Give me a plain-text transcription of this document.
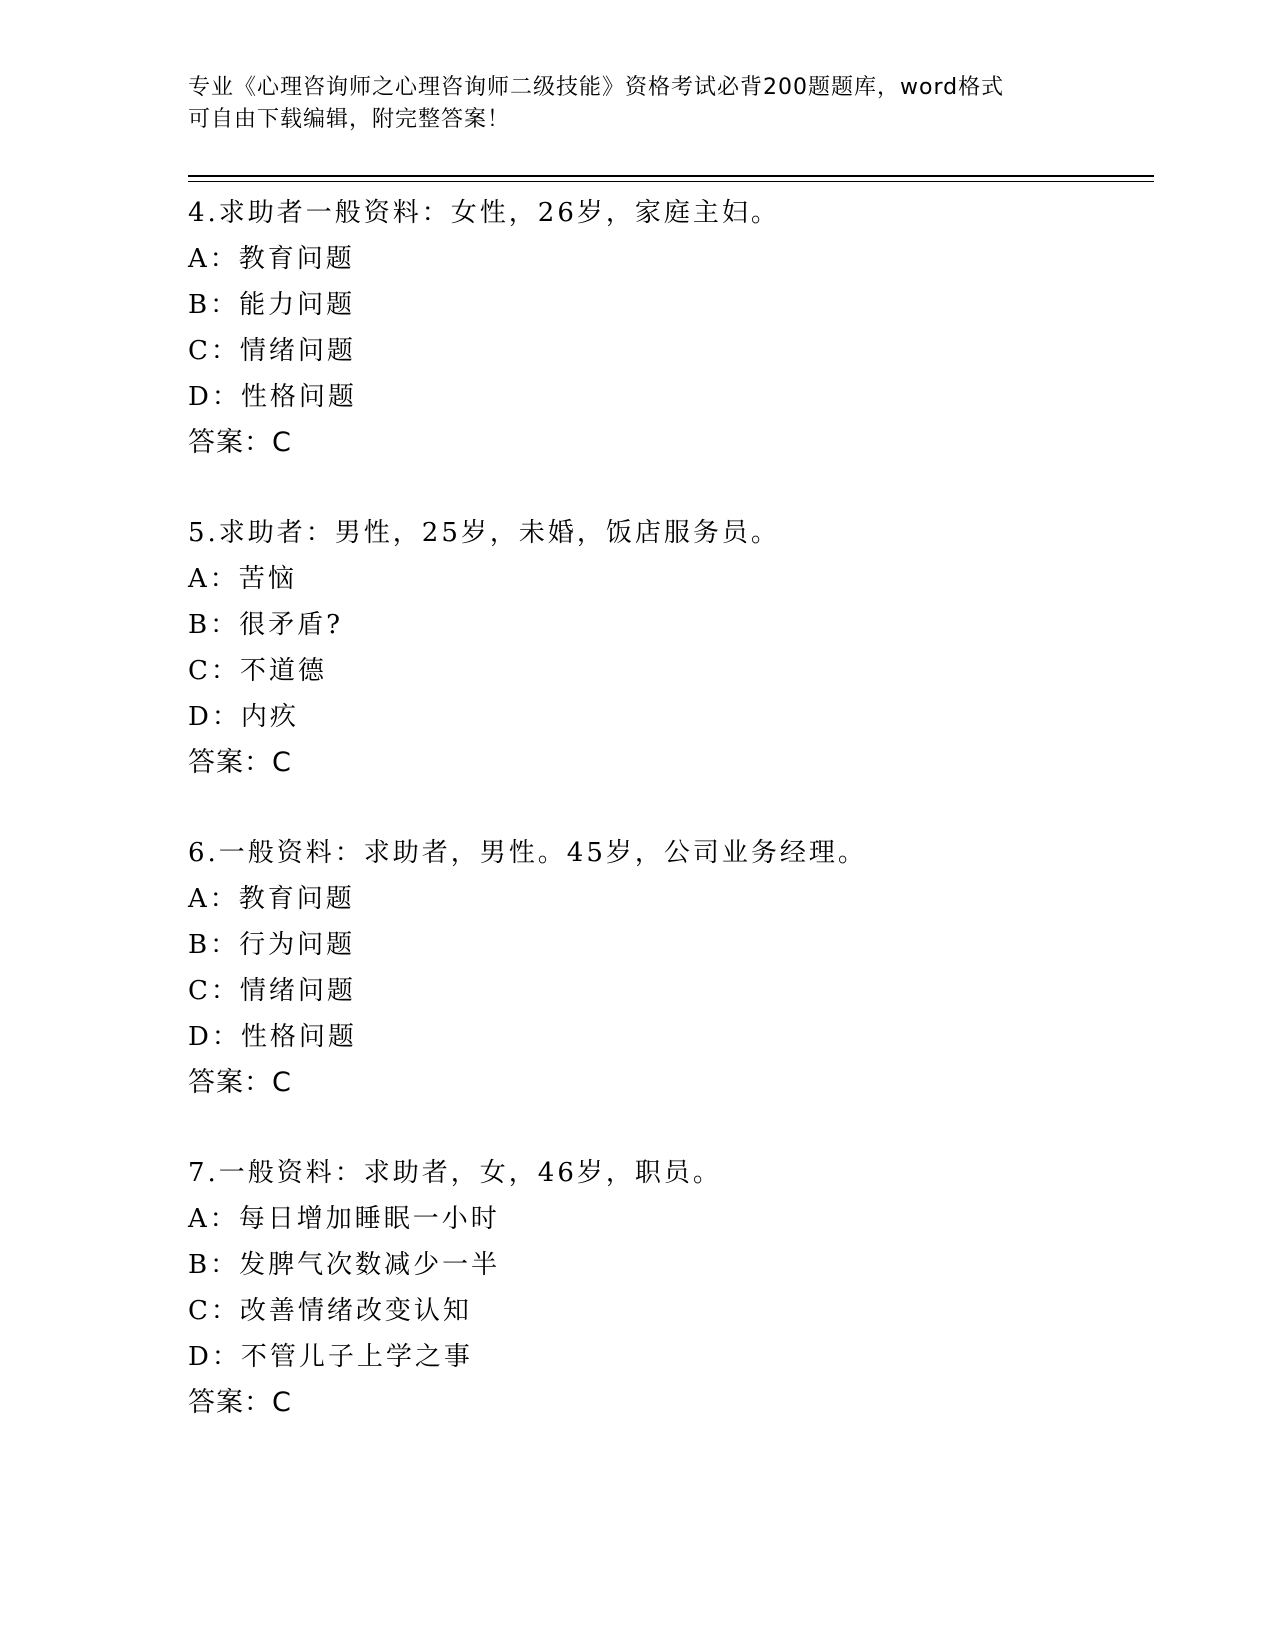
专业《心理咨询师之心理咨询师二级技能》资格考试必背200题题库，word格式
可自由下载编辑，附完整答案！
4.求助者一般资料：女性，26岁，家庭主妇。
A：教育问题
B：能力问题
C：情绪问题
D：性格问题
答案：C
5.求助者：男性，25岁，未婚，饭店服务员。
A：苦恼
B：很矛盾?
C：不道德
D：内疚
答案：C
6.一般资料：求助者，男性。45岁，公司业务经理。
A：教育问题
B：行为问题
C：情绪问题
D：性格问题
答案：C
7.一般资料：求助者，女，46岁，职员。
A：每日增加睡眠一小时
B：发脾气次数减少一半
C：改善情绪改变认知
D：不管儿子上学之事
答案：C
